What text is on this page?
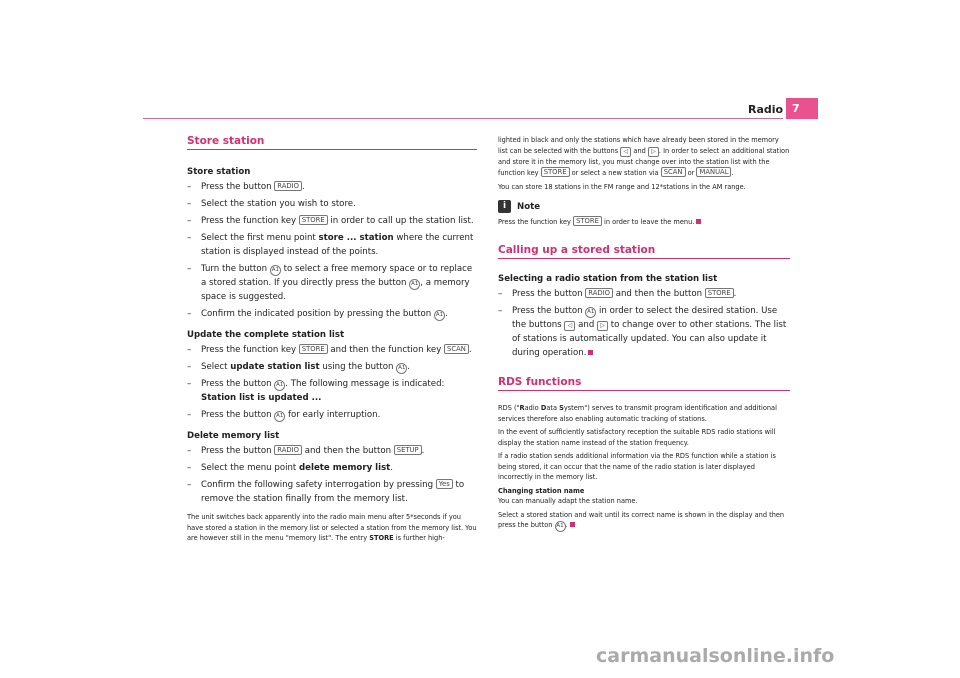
Radio 7
Store station
Store station
– Press the button RADIO .
– Select the station you wish to store.
– Press the function key STORE in order to call up the station list.
– Select the first menu point store ... station where the current station is displayed instead of the points.
– Turn the button A1 to select a free memory space or to replace a stored station. If you directly press the button A1 , a memory space is suggested.
– Confirm the indicated position by pressing the button A1 .
Update the complete station list
– Press the function key STORE and then the function key SCAN .
– Select update station list using the button A1 .
– Press the button A1 . The following message is indicated: Station list is updated ...
– Press the button A1 for early interruption.
Delete memory list
– Press the button RADIO and then the button SETUP .
– Select the menu point delete memory list.
– Confirm the following safety interrogation by pressing Yes to remove the station finally from the memory list.
The unit switches back apparently into the radio main menu after 5*seconds if you have stored a station in the memory list or selected a station from the memory list. You are however still in the menu "memory list". The entry STORE is further high-
lighted in black and only the stations which have already been stored in the memory list can be selected with the buttons ◁ and ▷ . In order to select an additional station and store it in the memory list, you must change over into the station list with the function key STORE or select a new station via SCAN or MANUAL .
You can store 18 stations in the FM range and 12*stations in the AM range.
i	Note
Press the function key STORE in order to leave the menu.
Calling up a stored station
Selecting a radio station from the station list
– Press the button RADIO and then the button STORE .
– Press the button A1 in order to select the desired station. Use the buttons ◁ and ▷ to change over to other stations. The list of stations is automatically updated. You can also update it during operation.
RDS functions
RDS ("Radio Data System") serves to transmit program identification and additional services therefore also enabling automatic tracking of stations.
In the event of sufficiently satisfactory reception the suitable RDS radio stations will display the station name instead of the station frequency.
If a radio station sends additional information via the RDS function while a station is being stored, it can occur that the name of the radio station is later displayed incorrectly in the memory list.
Changing station name
You can manually adapt the station name.
Select a stored station and wait until its correct name is shown in the display and then press the button A1 .
carmanualsonline.info
